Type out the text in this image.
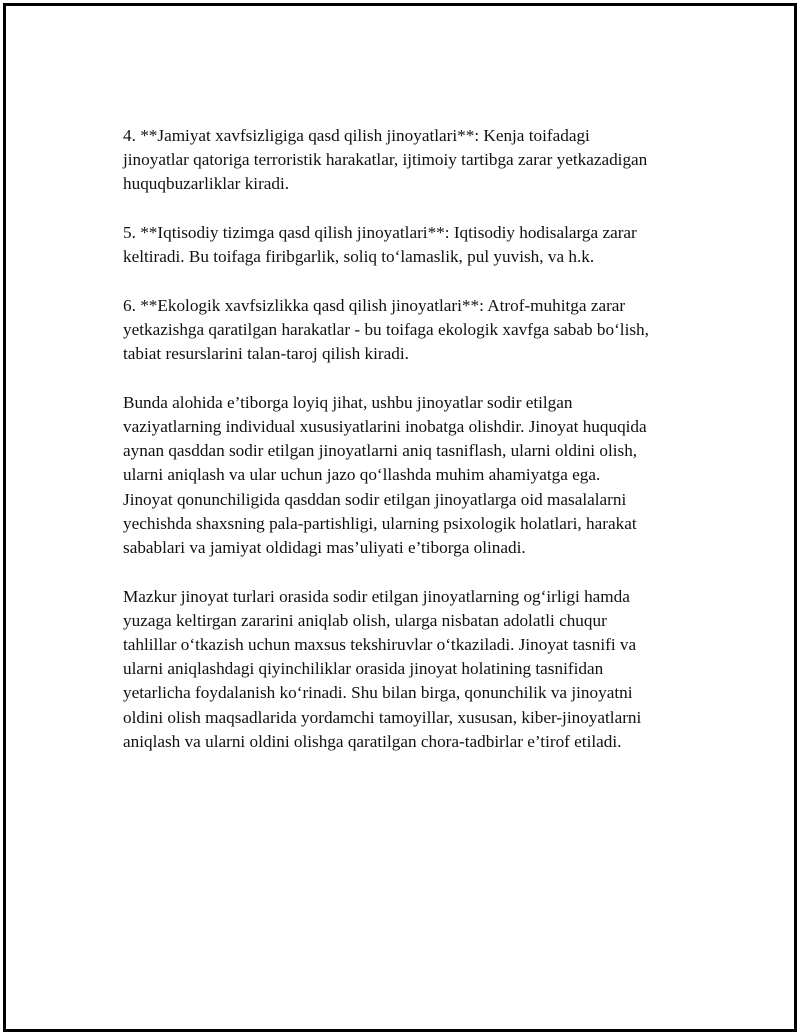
4. **Jamiyat xavfsizligiga qasd qilish jinoyatlari**: Kenja toifadagi
jinoyatlar qatoriga terroristik harakatlar, ijtimoiy tartibga zarar yetkazadigan
huquqbuzarliklar kiradi.

5. **Iqtisodiy tizimga qasd qilish jinoyatlari**: Iqtisodiy hodisalarga zarar
keltiradi. Bu toifaga firibgarlik, soliq to‘lamaslik, pul yuvish, va h.k.

6. **Ekologik xavfsizlikka qasd qilish jinoyatlari**: Atrof-muhitga zarar
yetkazishga qaratilgan harakatlar - bu toifaga ekologik xavfga sabab bo‘lish,
tabiat resurslarini talan-taroj qilish kiradi.

Bunda alohida e’tiborga loyiq jihat, ushbu jinoyatlar sodir etilgan
vaziyatlarning individual xususiyatlarini inobatga olishdir. Jinoyat huquqida
aynan qasddan sodir etilgan jinoyatlarni aniq tasniflash, ularni oldini olish,
ularni aniqlash va ular uchun jazo qo‘llashda muhim ahamiyatga ega.
Jinoyat qonunchiligida qasddan sodir etilgan jinoyatlarga oid masalalarni
yechishda shaxsning pala-partishligi, ularning psixologik holatlari, harakat
sabablari va jamiyat oldidagi mas’uliyati e’tiborga olinadi.

Mazkur jinoyat turlari orasida sodir etilgan jinoyatlarning og‘irligi hamda
yuzaga keltirgan zararini aniqlab olish, ularga nisbatan adolatli chuqur
tahlillar o‘tkazish uchun maxsus tekshiruvlar o‘tkaziladi. Jinoyat tasnifi va
ularni aniqlashdagi qiyinchiliklar orasida jinoyat holatining tasnifidan
yetarlicha foydalanish ko‘rinadi. Shu bilan birga, qonunchilik va jinoyatni
oldini olish maqsadlarida yordamchi tamoyillar, xususan, kiber-jinoyatlarni
aniqlash va ularni oldini olishga qaratilgan chora-tadbirlar e’tirof etiladi.
